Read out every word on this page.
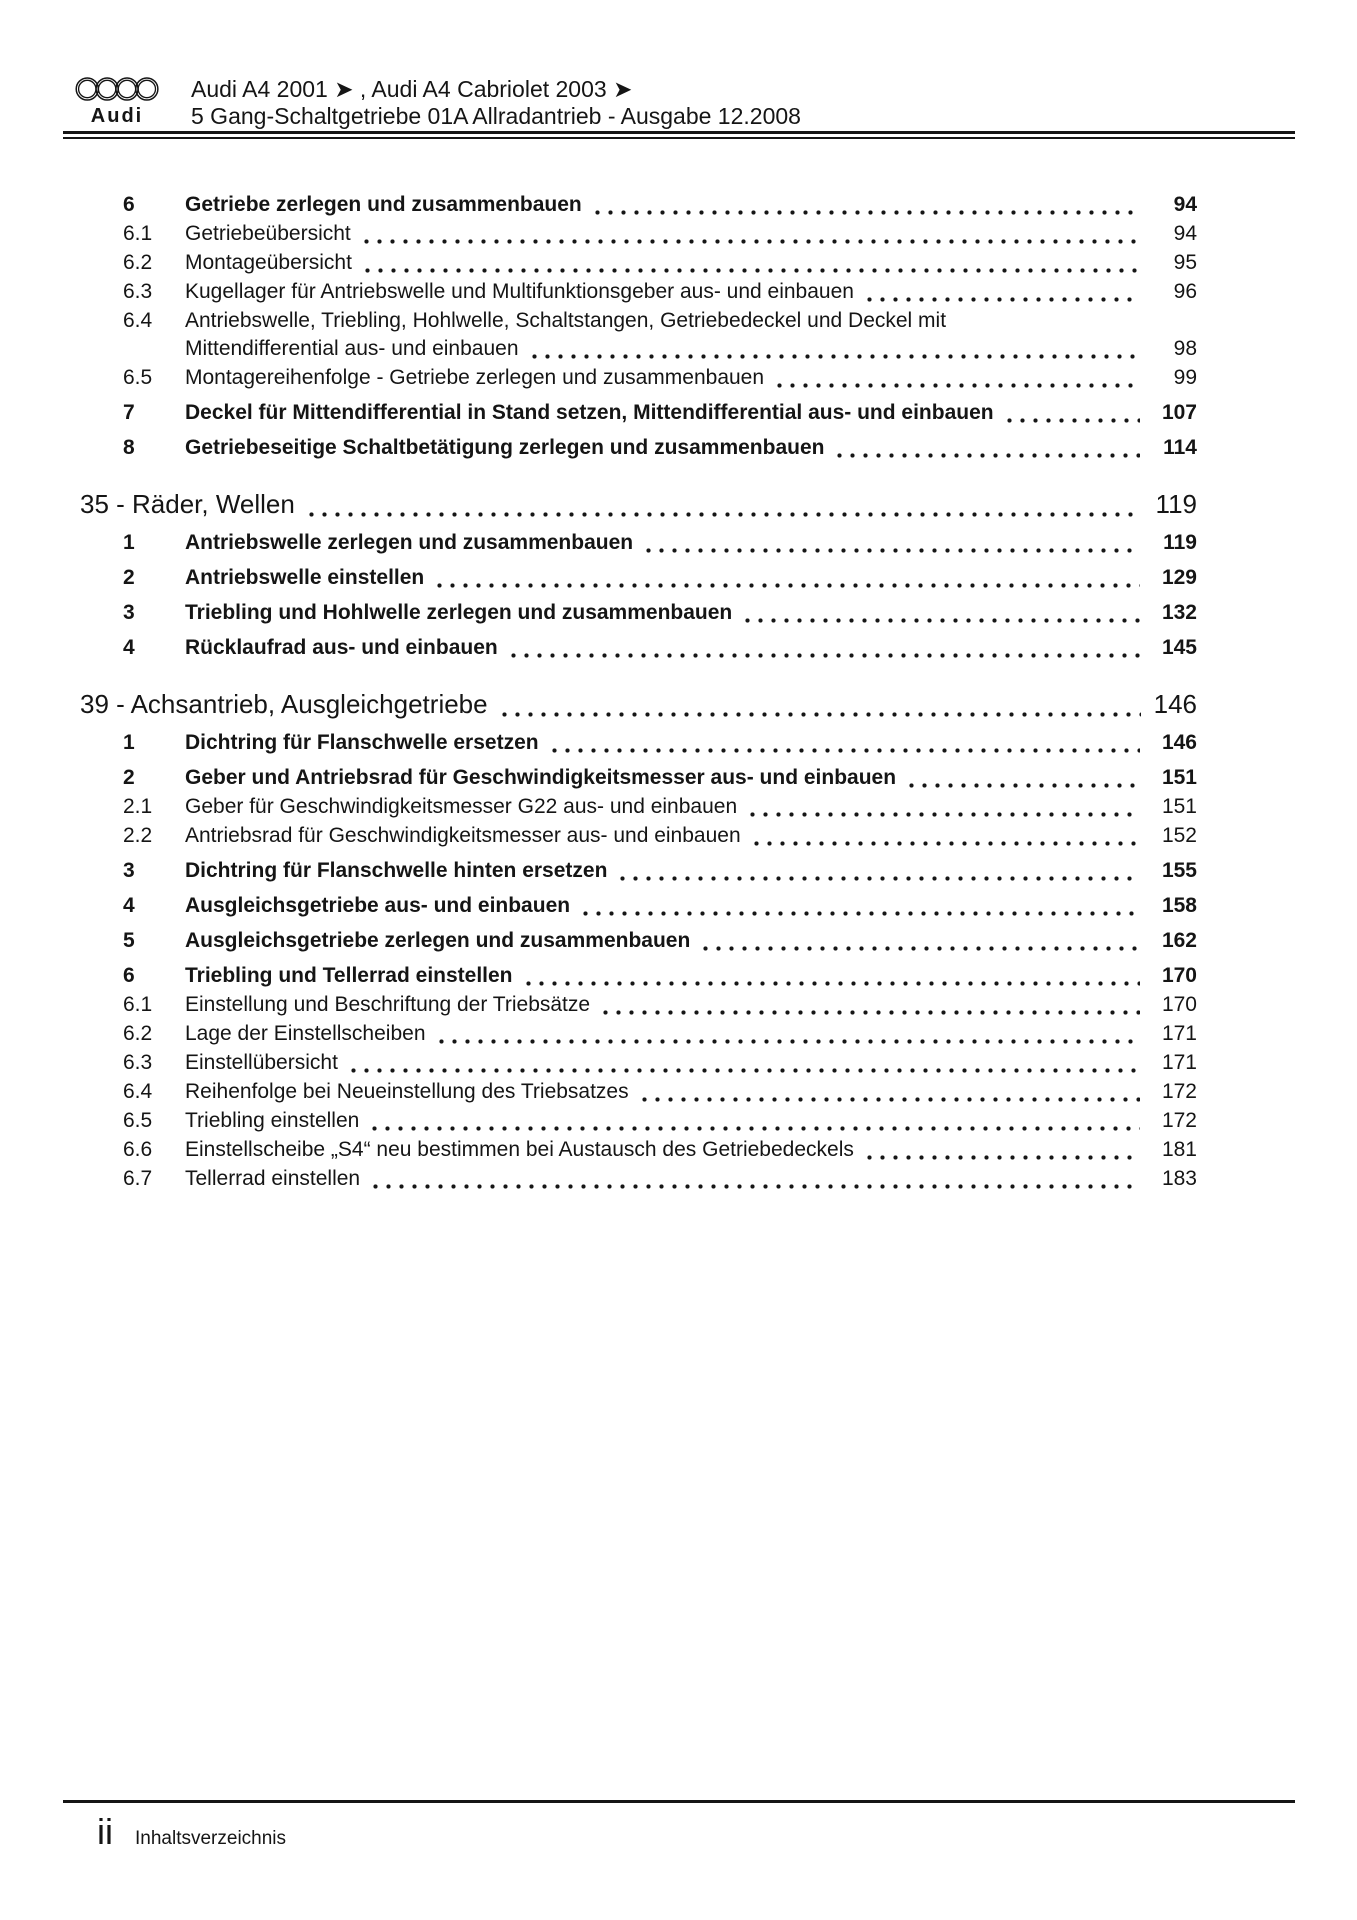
Audi
Audi A4 2001 ➤ , Audi A4 Cabriolet 2003 ➤
5 Gang-Schaltgetriebe 01A Allradantrieb - Ausgabe 12.2008
6	Getriebe zerlegen und zusammenbauen	94
6.1	Getriebeübersicht	94
6.2	Montageübersicht	95
6.3	Kugellager für Antriebswelle und Multifunktionsgeber aus- und einbauen	96
6.4	Antriebswelle, Triebling, Hohlwelle, Schaltstangen, Getriebedeckel und Deckel mit
Mittendifferential aus- und einbauen	98
6.5	Montagereihenfolge - Getriebe zerlegen und zusammenbauen	99
7	Deckel für Mittendifferential in Stand setzen, Mittendifferential aus- und einbauen	107
8	Getriebeseitige Schaltbetätigung zerlegen und zusammenbauen	114
35 - Räder, Wellen	119
1	Antriebswelle zerlegen und zusammenbauen	119
2	Antriebswelle einstellen	129
3	Triebling und Hohlwelle zerlegen und zusammenbauen	132
4	Rücklaufrad aus- und einbauen	145
39 - Achsantrieb, Ausgleichgetriebe	146
1	Dichtring für Flanschwelle ersetzen	146
2	Geber und Antriebsrad für Geschwindigkeitsmesser aus- und einbauen	151
2.1	Geber für Geschwindigkeitsmesser G22 aus- und einbauen	151
2.2	Antriebsrad für Geschwindigkeitsmesser aus- und einbauen	152
3	Dichtring für Flanschwelle hinten ersetzen	155
4	Ausgleichsgetriebe aus- und einbauen	158
5	Ausgleichsgetriebe zerlegen und zusammenbauen	162
6	Triebling und Tellerrad einstellen	170
6.1	Einstellung und Beschriftung der Triebsätze	170
6.2	Lage der Einstellscheiben	171
6.3	Einstellübersicht	171
6.4	Reihenfolge bei Neueinstellung des Triebsatzes	172
6.5	Triebling einstellen	172
6.6	Einstellscheibe „S4“ neu bestimmen bei Austausch des Getriebedeckels	181
6.7	Tellerrad einstellen	183
ii Inhaltsverzeichnis
